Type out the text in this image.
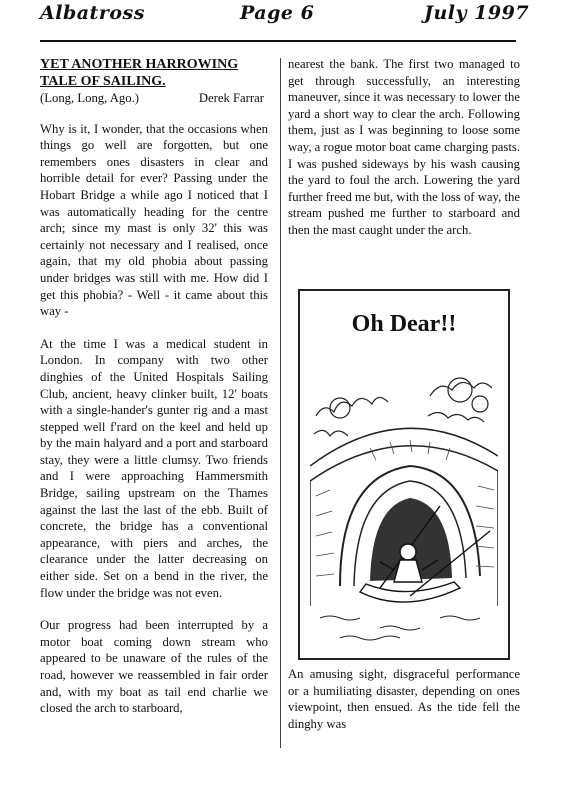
Albatross	Page 6	July 1997

YET ANOTHER HARROWING TALE OF SAILING.

(Long, Long, Ago.)	Derek Farrar

Why is it, I wonder, that the occasions when things go well are forgotten, but one remembers ones disasters in clear and horrible detail for ever? Passing under the Hobart Bridge a while ago I noticed that I was automatically heading for the centre arch; since my mast is only 32' this was certainly not necessary and I realised, once again, that my old phobia about passing under bridges was still with me. How did I get this phobia? - Well - it came about this way -

At the time I was a medical student in London. In company with two other dinghies of the United Hospitals Sailing Club, ancient, heavy clinker built, 12' boats with a single-hander's gunter rig and a mast stepped well f'rard on the keel and held up by the main halyard and a port and starboard stay, they were a little clumsy. Two friends and I were approaching Hammersmith Bridge, sailing upstream on the Thames against the last the last of the ebb. Built of concrete, the bridge has a conventional appearance, with piers and arches, the clearance under the latter decreasing on either side. Set on a bend in the river, the flow under the bridge was not even.

Our progress had been interrupted by a motor boat coming down stream who appeared to be unaware of the rules of the road, however we reassembled in fair order and, with my boat as tail end charlie we closed the arch to starboard,

nearest the bank. The first two managed to get through successfully, an interesting maneuver, since it was necessary to lower the yard a short way to clear the arch. Following them, just as I was beginning to loose some way, a rogue motor boat came charging pasts. I was pushed sideways by his wash causing the yard to foul the arch. Lowering the yard further freed me but, with the loss of way, the stream pushed me further to starboard and then the mast caught under the arch.

Oh Dear!!

An amusing sight, disgraceful performance or a humiliating disaster, depending on ones viewpoint, then ensued. As the tide fell the dinghy was
